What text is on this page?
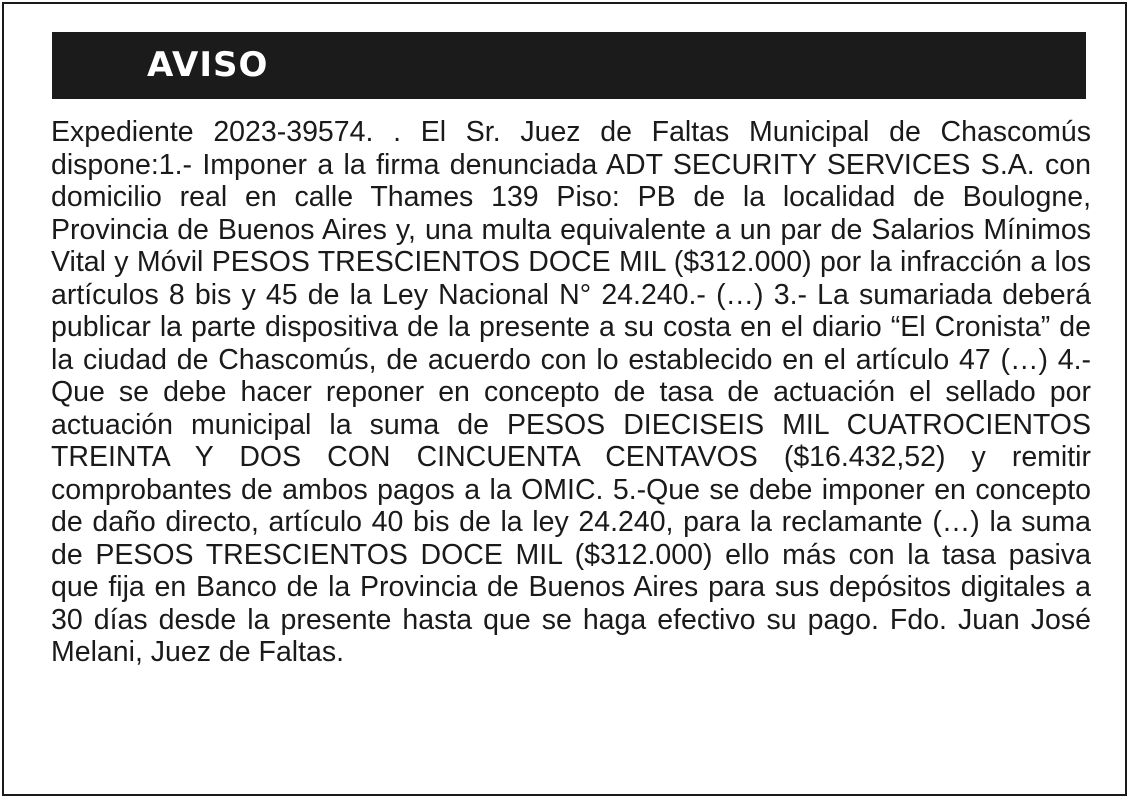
AVISO

Expediente 2023-39574. . El Sr. Juez de Faltas Municipal de Chascomús dispone:1.- Imponer a la firma denunciada ADT SECURITY SERVICES S.A. con domicilio real en calle Thames 139 Piso: PB de la localidad de Boulogne, Provincia de Buenos Aires y, una multa equivalente a un par de Salarios Mínimos Vital y Móvil PESOS TRESCIENTOS DOCE MIL ($312.000) por la infracción a los artículos 8 bis y 45 de la Ley Nacional N° 24.240.- (…) 3.- La sumariada deberá publicar la parte dispositiva de la presente a su costa en el diario “El Cronista” de la ciudad de Chascomús, de acuerdo con lo establecido en el artículo 47 (…) 4.-Que se debe hacer reponer en concepto de tasa de actuación el sellado por actuación municipal la suma de PESOS DIECISEIS MIL CUATROCIENTOS TREINTA Y DOS CON CINCUENTA CENTAVOS ($16.432,52) y remitir comprobantes de ambos pagos a la OMIC. 5.-Que se debe imponer en concepto de daño directo, artículo 40 bis de la ley 24.240, para la reclamante (…) la suma de PESOS TRESCIENTOS DOCE MIL ($312.000) ello más con la tasa pasiva que fija en Banco de la Provincia de Buenos Aires para sus depósitos digitales a 30 días desde la presente hasta que se haga efectivo su pago. Fdo. Juan José Melani, Juez de Faltas.
